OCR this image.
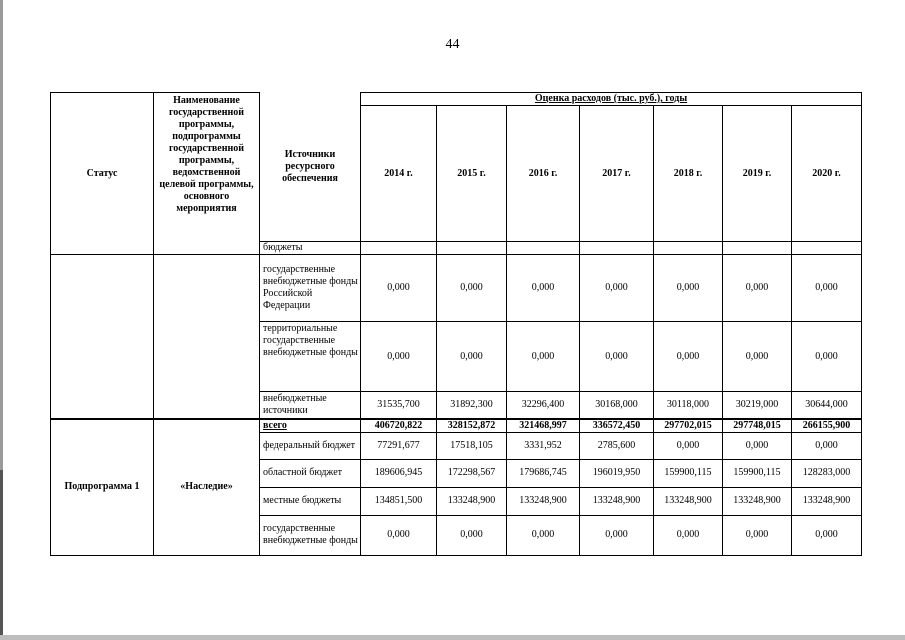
44
Статус	Наименование государственной программы, подпрограммы государственной программы, ведомственной целевой программы, основного мероприятия	Источники ресурсного обеспечения	Оценка расходов (тыс. руб.), годы						
			2014 г.	2015 г.	2016 г.	2017 г.	2018 г.	2019 г.	2020 г.
		бюджеты							
		государственные внебюджетные фонды Российской Федерации	0,000	0,000	0,000	0,000	0,000	0,000	0,000
		территориальные государственные внебюджетные фонды	0,000	0,000	0,000	0,000	0,000	0,000	0,000
		внебюджетные источники	31535,700	31892,300	32296,400	30168,000	30118,000	30219,000	30644,000
Подпрограмма 1	«Наследие»	всего	406720,822	328152,872	321468,997	336572,450	297702,015	297748,015	266155,900
		федеральный бюджет	77291,677	17518,105	3331,952	2785,600	0,000	0,000	0,000
		областной бюджет	189606,945	172298,567	179686,745	196019,950	159900,115	159900,115	128283,000
		местные бюджеты	134851,500	133248,900	133248,900	133248,900	133248,900	133248,900	133248,900
		государственные внебюджетные фонды	0,000	0,000	0,000	0,000	0,000	0,000	0,000
